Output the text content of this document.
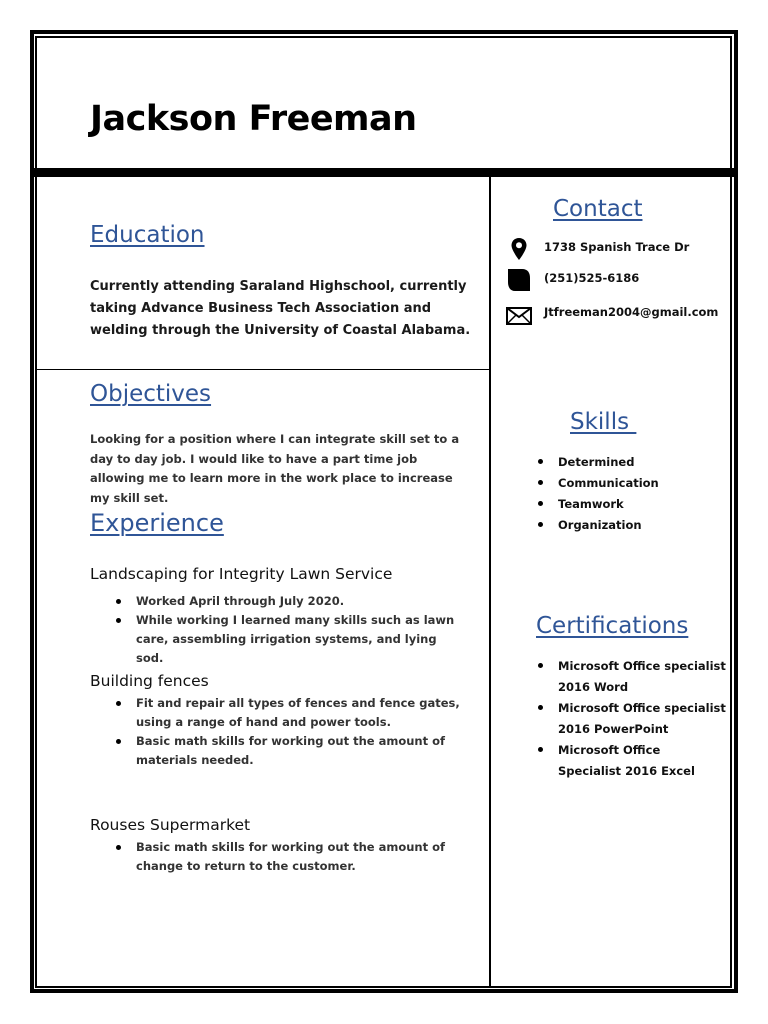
Jackson Freeman
Education

Currently attending Saraland Highschool, currently taking Advance Business Tech Association and welding through the University of Coastal Alabama.

Objectives

Looking for a position where I can integrate skill set to a day to day job. I would like to have a part time job allowing me to learn more in the work place to increase my skill set.

Experience
Landscaping for Integrity Lawn Service
Worked April through July 2020.
While working I learned many skills such as lawn care, assembling irrigation systems, and lying sod.
Building fences
Fit and repair all types of fences and fence gates, using a range of hand and power tools.
Basic math skills for working out the amount of materials needed.
Rouses Supermarket
Basic math skills for working out the amount of change to return to the customer.
Contact

1738 Spanish Trace Dr

(251)525-6186

Jtfreeman2004@gmail.com

Skills
Determined
Communication
Teamwork
Organization
Certifications
Microsoft Office specialist 2016 Word
Microsoft Office specialist 2016 PowerPoint
Microsoft Office Specialist 2016 Excel
